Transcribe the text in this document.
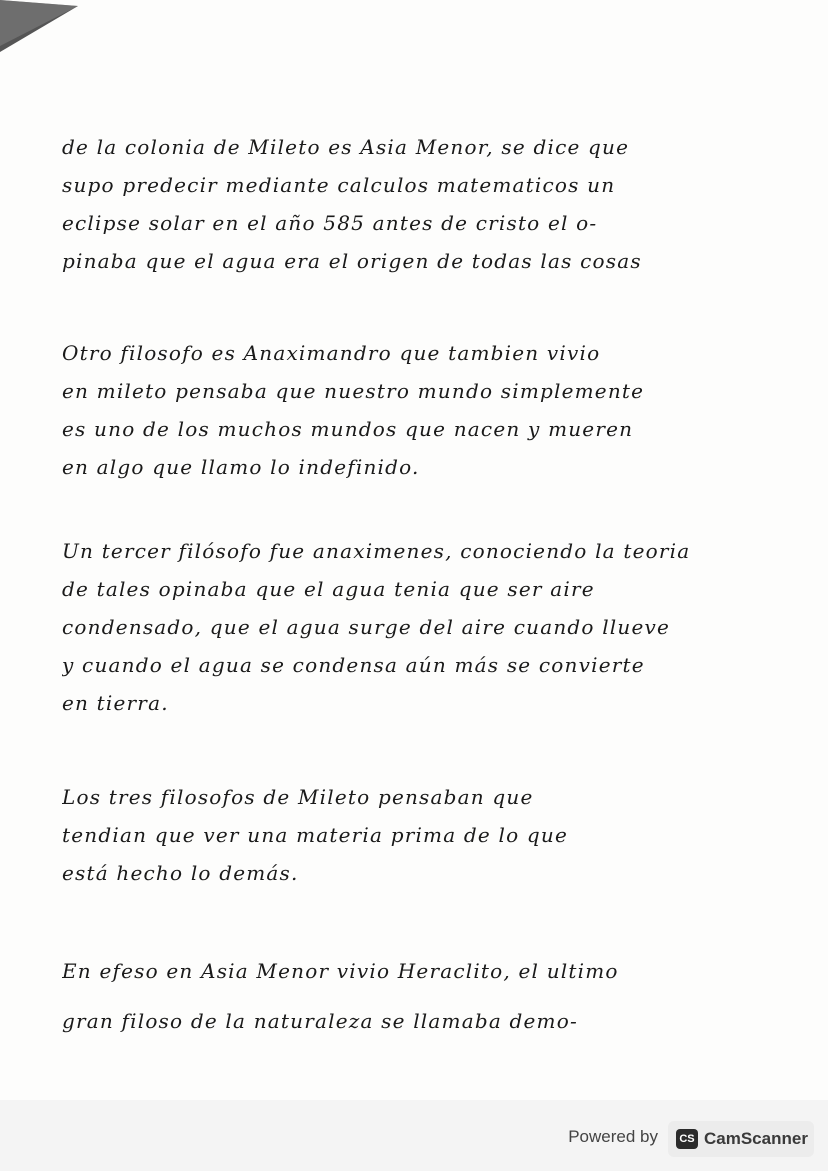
de la colonia de Mileto es Asia Menor, se dice que
supo predecir mediante calculos matematicos un
eclipse solar en el año 585 antes de cristo el o-
pinaba que el agua era el origen de todas las cosas
Otro filosofo es Anaximandro que tambien vivio
en mileto pensaba que nuestro mundo simplemente
es uno de los muchos mundos que nacen y mueren
en algo que llamo lo indefinido.
Un tercer filósofo fue anaximenes, conociendo la teoria
de tales opinaba que el agua tenia que ser aire
condensado, que el agua surge del aire cuando llueve
y cuando el agua se condensa aún más se convierte
en tierra.
Los tres filosofos de Mileto pensaban que
tendian que ver una materia prima de lo que
está hecho lo demás.
En efeso en Asia Menor vivio Heraclito, el ultimo
gran filoso de la naturaleza se llamaba demo-
Powered by	CS CamScanner
